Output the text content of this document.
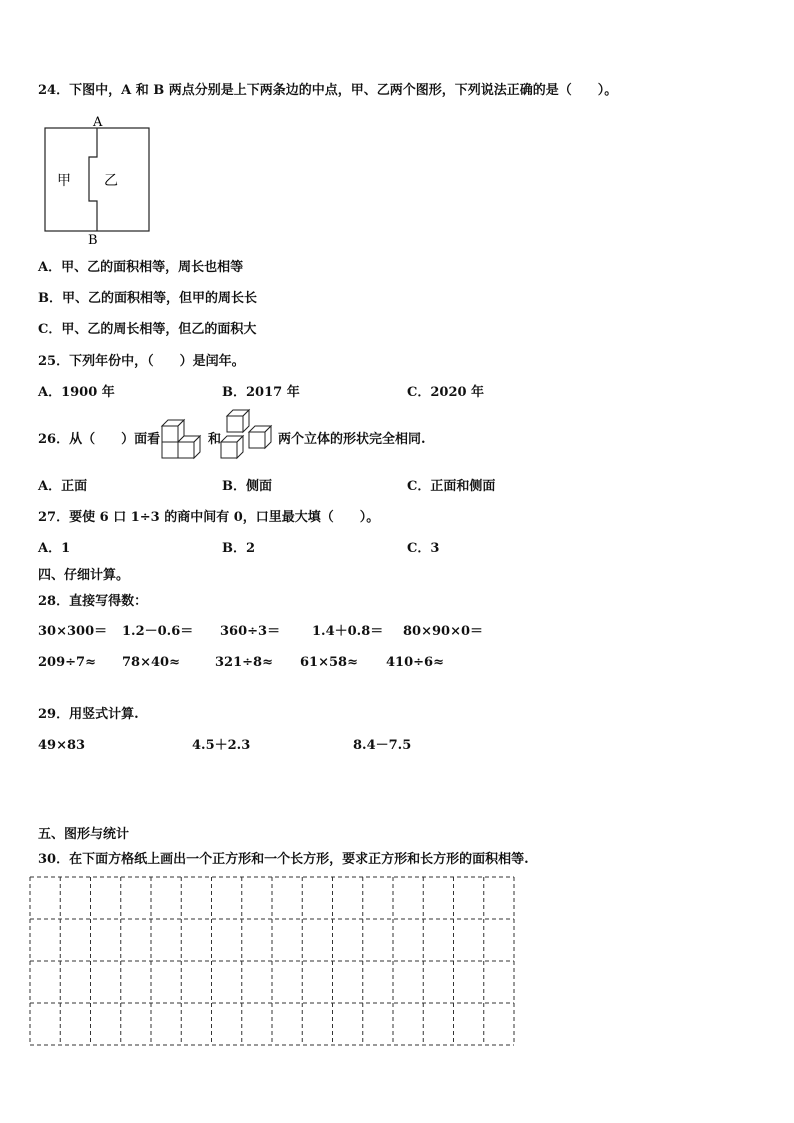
24．下图中，A 和 B 两点分别是上下两条边的中点，甲、乙两个图形，下列说法正确的是（　　）。
A
B
甲 乙
A．甲、乙的面积相等，周长也相等
B．甲、乙的面积相等，但甲的周长长
C．甲、乙的周长相等，但乙的面积大
25．下列年份中，（　　）是闰年。
A．1900 年	B．2017 年	C．2020 年
26．从（　　）面看	和	两个立体的形状完全相同.
A．正面	B．侧面	C．正面和侧面
27．要使 6 口 1÷3 的商中间有 0，口里最大填（　　）。
A．1	B．2	C．3
四、仔细计算。
28．直接写得数：
30×300＝ 1.2－0.6＝ 360÷3＝ 1.4＋0.8＝ 80×90×0＝
209÷7≈ 78×40≈	321÷8≈ 61×58≈ 410÷6≈
29．用竖式计算.
49×83	4.5＋2.3	8.4－7.5
五、图形与统计
30．在下面方格纸上画出一个正方形和一个长方形，要求正方形和长方形的面积相等.
